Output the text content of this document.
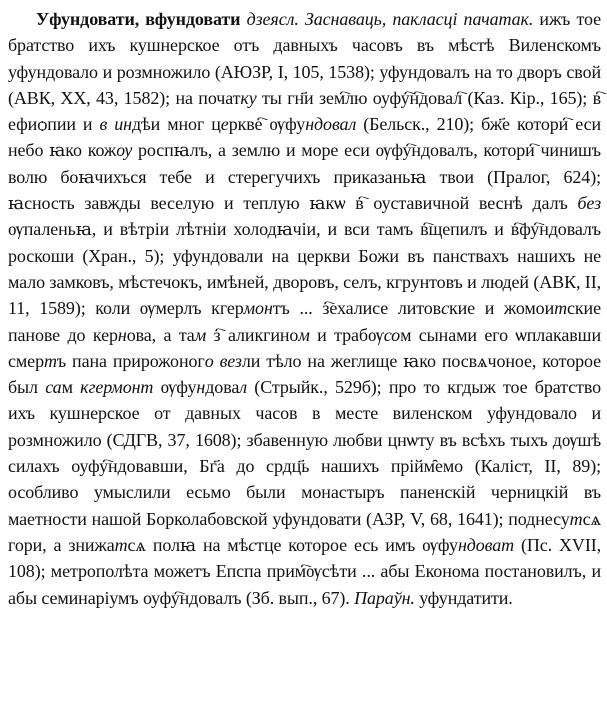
Уфундовати, вфундовати дзеясл. Заснаваць, пакласці пачатак. ижъ тое братство ихъ кушнерское отъ давныхъ часовъ въ мѣстѣ Виленскомъ уфундовало и розмножило (АЮЗР, I, 105, 1538); уфундовалъ на то дворъ свой (АВК, XX, 43, 1582); на початку ты гн҃и зем҇лю оуфу҇н҇довал҇ (Каз. Кір., 165); в҇ ефиѻпии и в индѣи мног церкве҇ ѹфундовал (Бельск., 210); бж҃е котори҇ еси небо ꙗко кожѹ роспꙗлъ, а землю и море еси ѹфу҇ндовалъ, котори҇ чинишъ волю боꙗчихъся тебе и стерегучихъ приказаньꙗ твои (Пралог, 624); ꙗсность завжды веселую и теплую ꙗкѡ в҇ оуставичной веснѣ далъ без ѹпаленьꙗ, и вѣтріи лѣтніи холодꙗчіи, и вси тамъ в҇щепилъ и в҇фу҇ндовалъ роскоши (Хран., 5); уфундовали на церкви Божи въ панствахъ нашихъ не мало замковъ, мѣстечокъ, имѣней, дворовъ, селъ, кгрунтовъ и людей (АВК, II, 11, 1589); коли ѹмерлъ кгермонтъ ... з҇ехалисе литовские и жомоитские панове до кернова, а там з҇ аликгином и трабѹсом сынами его ѡплакавши смертъ пана прирожоного везли тѣло на жеглище ꙗко посвѧчоное, которое был сам кгермонт ѹфундовал (Стрыйк., 529б); про то кгдыж тое братство ихъ кушнерское от давных часов в месте виленском уфундовало и розмножило (СДГВ, 37, 1608); збавенную любви цнѡту въ всѣхъ тыхъ дѹшѣ силахъ оуфу҇ндовавши, Бг҃а до срдц҃ь нашихъ прійм̑емо (Каліст, II, 89); особливо умыслили есьмо были монастыръ паненскій черницкій въ маетности нашой Борколабовской уфундовати (АЗР, V, 68, 1641); поднесутсѧ гори, а знижатсѧ полꙗ на мѣстце которое есь имъ ѹфундоват (Пс. XVII, 108); метрополѣта можетъ Епспа прим҇ѹсѣти ... абы Економа постановилъ, и абы семинаріумъ оуфу҇ндовалъ (Зб. вып., 67). Параўн. уфундатити.
